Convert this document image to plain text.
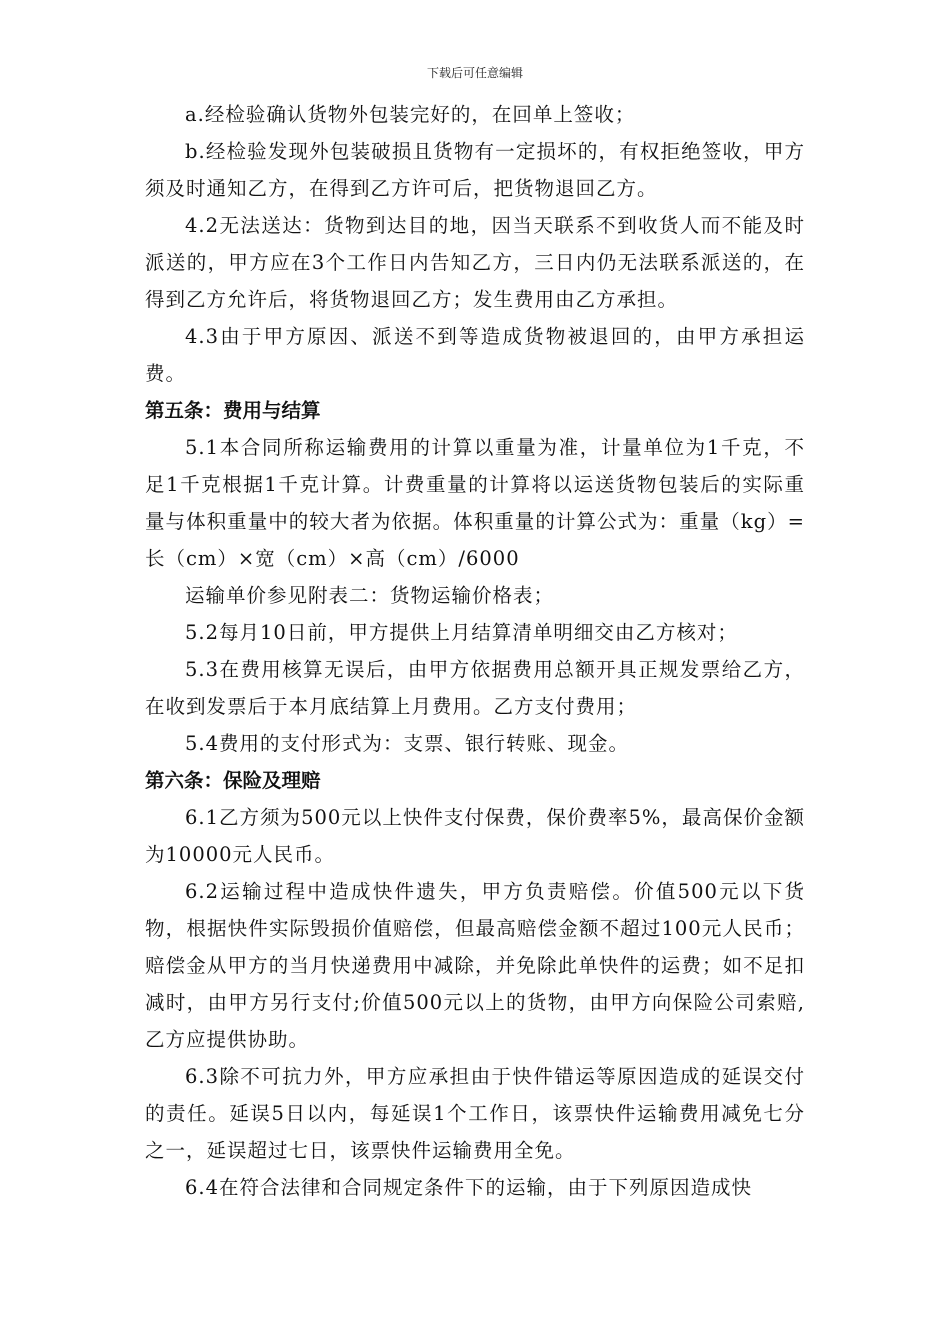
下载后可任意编辑

a.经检验确认货物外包装完好的，在回单上签收；

b.经检验发现外包装破损且货物有一定损坏的，有权拒绝签收，甲方须及时通知乙方，在得到乙方许可后，把货物退回乙方。

4.2无法送达：货物到达目的地，因当天联系不到收货人而不能及时派送的，甲方应在3个工作日内告知乙方，三日内仍无法联系派送的，在得到乙方允许后，将货物退回乙方；发生费用由乙方承担。

4.3由于甲方原因、派送不到等造成货物被退回的，由甲方承担运费。

第五条：费用与结算

5.1本合同所称运输费用的计算以重量为准，计量单位为1千克，不足1千克根据1千克计算。计费重量的计算将以运送货物包装后的实际重量与体积重量中的较大者为依据。体积重量的计算公式为：重量（kg）=长（cm）×宽（cm）×高（cm）/6000

运输单价参见附表二：货物运输价格表；

5.2每月10日前，甲方提供上月结算清单明细交由乙方核对；

5.3在费用核算无误后，由甲方依据费用总额开具正规发票给乙方，在收到发票后于本月底结算上月费用。乙方支付费用；

5.4费用的支付形式为：支票、银行转账、现金。

第六条：保险及理赔

6.1乙方须为500元以上快件支付保费，保价费率5%，最高保价金额为10000元人民币。

6.2运输过程中造成快件遗失，甲方负责赔偿。价值500元以下货物，根据快件实际毁损价值赔偿，但最高赔偿金额不超过100元人民币；赔偿金从甲方的当月快递费用中减除，并免除此单快件的运费；如不足扣减时，由甲方另行支付;价值500元以上的货物，由甲方向保险公司索赔,乙方应提供协助。

6.3除不可抗力外，甲方应承担由于快件错运等原因造成的延误交付的责任。延误5日以内，每延误1个工作日，该票快件运输费用减免七分之一，延误超过七日，该票快件运输费用全免。

6.4在符合法律和合同规定条件下的运输，由于下列原因造成快
